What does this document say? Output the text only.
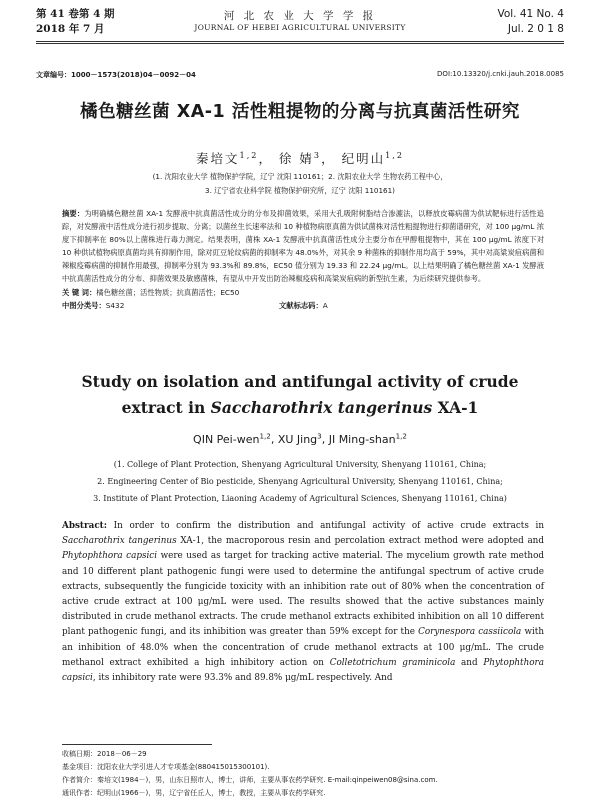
第 41 卷第 4 期
2018 年 7 月
河 北 农 业 大 学 学 报
JOURNAL OF HEBEI AGRICULTURAL UNIVERSITY
Vol. 41 No. 4
Jul. 2 0 1 8
文章编号：1000－1573(2018)04－0092－04	DOI:10.13320/j.cnki.jauh.2018.0085
橘色糖丝菌 XA-1 活性粗提物的分离与抗真菌活性研究
秦培文$^{1,2}$， 徐 婧$^3$， 纪明山$^{1,2}$
(1. 沈阳农业大学 植物保护学院，辽宁 沈阳 110161；2. 沈阳农业大学 生物农药工程中心，
3. 辽宁省农业科学院 植物保护研究所，辽宁 沈阳 110161)
摘要：为明确橘色糖丝菌 XA-1 发酵液中抗真菌活性成分的分布及抑菌效果，采用大孔吸附树脂结合渗漉法，以释放皮霉病菌为供试靶标进行活性追踪，对发酵液中活性成分进行初步提取、分离；以菌丝生长速率法和 10 种植物病原真菌为供试菌株对活性粗提物进行抑菌谱研究，对 100 μg/mL 浓度下抑制率在 80%以上菌株进行毒力测定。结果表明，菌株 XA-1 发酵液中抗真菌活性成分主要分布在甲醇粗提物中，其在 100 μg/mL 浓度下对 10 种供试植物病原真菌均具有抑制作用，除对豇豆轮纹病菌的抑制率为 48.0%外，对其余 9 种菌株的抑制作用均高于 59%，其中对高粱炭疽病菌和辣椒疫霉病菌的抑制作用最强，抑制率分别为 93.3%和 89.8%，EC50 值分别为 19.33 和 22.24 μg/mL。以上结果明确了橘色糖丝菌 XA-1 发酵液中抗真菌活性成分的分布、抑菌效果及敏感菌株，有望从中开发出防治辣椒疫病和高粱炭疽病的新型抗生素，为后续研究提供参考。
关 键 词：橘色糖丝菌；活性物质；抗真菌活性；EC50
中图分类号：S432	文献标志码：A
Study on isolation and antifungal activity of crude
extract in Saccharothrix tangerinus XA-1
QIN Pei-wen$^{1,2}$, XU Jing$^3$, JI Ming-shan$^{1,2}$
(1. College of Plant Protection, Shenyang Agricultural University, Shenyang 110161, China;
2. Engineering Center of Bio pesticide, Shenyang Agricultural University, Shenyang 110161, China;
3. Institute of Plant Protection, Liaoning Academy of Agricultural Sciences, Shenyang 110161, China)
Abstract: In order to confirm the distribution and antifungal activity of active crude extracts in Saccharothrix tangerinus XA-1, the macroporous resin and percolation extract method were adopted and Phytophthora capsici were used as target for tracking active material. The mycelium growth rate method and 10 different plant pathogenic fungi were used to determine the antifungal spectrum of active crude extracts, subsequently the fungicide toxicity with an inhibition rate out of 80% when the concentration of active crude extract at 100 μg/mL were used. The results showed that the active substances mainly distributed in crude methanol extracts. The crude methanol extracts exhibited inhibition on all 10 different plant pathogenic fungi, and its inhibition was greater than 59% except for the Corynespora cassiicola with an inhibition of 48.0% when the concentration of crude methanol extracts at 100 μg/mL. The crude methanol extract exhibited a high inhibitory action on Colletotrichum graminicola and Phytophthora capsici, its inhibitory rate were 93.3% and 89.8% μg/mL respectively. And
收稿日期：2018－06－29
基金项目：沈阳农业大学引进人才专项基金(880415015300101).
作者简介：秦培文(1984－)，男，山东日照市人，博士，讲师，主要从事农药学研究. E-mail:qinpeiwen08@sina.com.
通讯作者：纪明山(1966－)，男，辽宁省任丘人，博士，教授，主要从事农药学研究.
